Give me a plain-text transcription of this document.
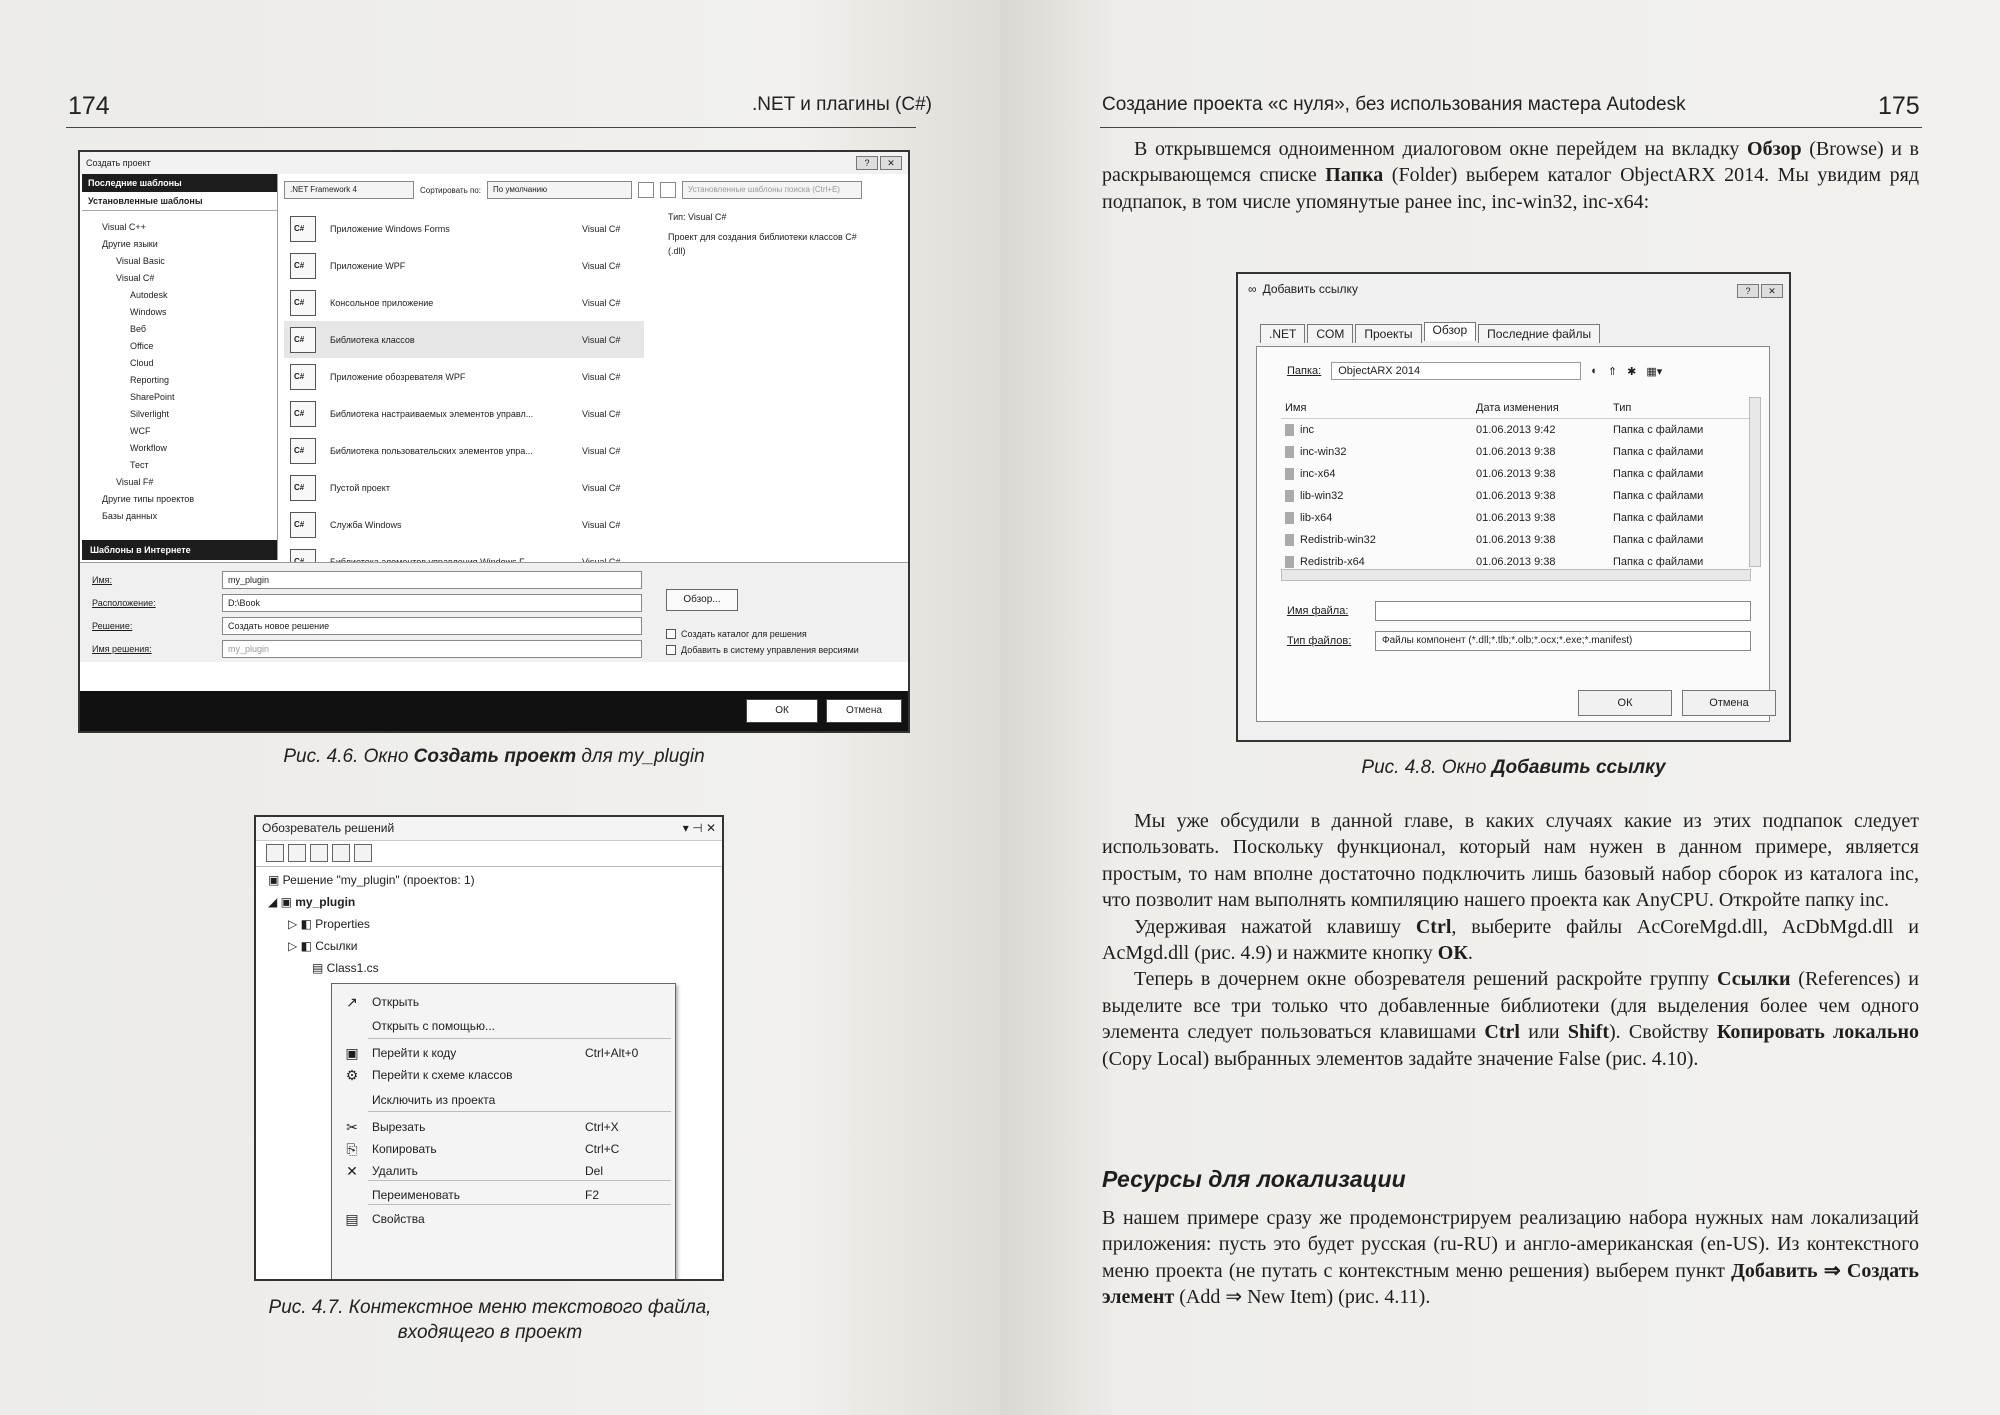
174	.NET и плагины (C#)
Создать проект	?	✕
Последние шаблоны
Установленные шаблоны
Visual C++
Другие языки
Visual Basic
Visual C#
Autodesk
Windows
Веб
Office
Cloud
Reporting
SharePoint
Silverlight
WCF
Workflow
Тест
Visual F#
Другие типы проектов
Базы данных
Шаблоны в Интернете
.NET Framework 4	Сортировать по:	По умолчанию	Установленные шаблоны поиска (Ctrl+E)
C#
Приложение Windows Forms	Visual C#
C#
Приложение WPF	Visual C#
C#
Консольное приложение	Visual C#
C#
Библиотека классов	Visual C#
C#
Приложение обозревателя WPF	Visual C#
C#
Библиотека настраиваемых элементов управл...	Visual C#
C#
Библиотека пользовательских элементов упра...	Visual C#
C#
Пустой проект	Visual C#
C#
Служба Windows	Visual C#
C#
Тип: Visual C#
Проект для создания библиотеки классов C# (.dll)
Имя:	my_plugin
Расположение:	D:\Book
Решение:	Создать новое решение
Имя решения:	my_plugin
Обзор...
Создать каталог для решения
Добавить в систему управления версиями
ОК	Отмена
Рис. 4.6. Окно Создать проект для my_plugin
Обозреватель решений	▾ ⊣ ✕
▣ Решение "my_plugin" (проектов: 1)
◢ ▣ my_plugin
▷ ◧ Properties
▷ ◧ Ссылки
▤ Class1.cs
↗	Открыть
Открыть с помощью...
▣	Перейти к коду	Ctrl+Alt+0
⚙	Перейти к схеме классов
Исключить из проекта
✂	Вырезать	Ctrl+X
⎘	Копировать	Ctrl+C
✕	Удалить	Del
Переименовать	F2
▤	Свойства
Рис. 4.7. Контекстное меню текстового файла,
входящего в проект
Создание проекта «с нуля», без использования мастера Autodesk	175

В открывшемся одноименном диалоговом окне перейдем на вкладку Обзор (Browse) и в раскрывающемся списке Папка (Folder) выберем каталог ObjectARX 2014. Мы увидим ряд подпапок, в том числе упомянутые ранее inc, inc-win32, inc-x64:

∞ Добавить ссылку	?	✕
.NET	COM	Проекты	Обзор	Последние файлы
Папка:	ObjectARX 2014	◐ ⇑ ✱ ▦▾
Имя	Дата изменения	Тип
inc	01.06.2013 9:42	Папка с файлами
inc-win32	01.06.2013 9:38	Папка с файлами
inc-x64	01.06.2013 9:38	Папка с файлами
lib-win32	01.06.2013 9:38	Папка с файлами
lib-x64	01.06.2013 9:38	Папка с файлами
Redistrib-win32	01.06.2013 9:38	Папка с файлами
Redistrib-x64	01.06.2013 9:38	Папка с файлами
Имя файла:
Тип файлов:	Файлы компонент (*.dll;*.tlb;*.olb;*.ocx;*.exe;*.manifest)
ОК	Отмена
Рис. 4.8. Окно Добавить ссылку

Мы уже обсудили в данной главе, в каких случаях какие из этих подпапок следует использовать. Поскольку функционал, который нам нужен в данном примере, является простым, то нам вполне достаточно подключить лишь базовый набор сборок из каталога inc, что позволит нам выполнять компиляцию нашего проекта как AnyCPU. Откройте папку inc.

Удерживая нажатой клавишу Ctrl, выберите файлы AcCoreMgd.dll, AcDbMgd.dll и AcMgd.dll (рис. 4.9) и нажмите кнопку ОК.

Теперь в дочернем окне обозревателя решений раскройте группу Ссылки (References) и выделите все три только что добавленные библиотеки (для выделения более чем одного элемента следует пользоваться клавишами Ctrl или Shift). Свойству Копировать локально (Copy Local) выбранных элементов задайте значение False (рис. 4.10).

Ресурсы для локализации

В нашем примере сразу же продемонстрируем реализацию набора нужных нам локализаций приложения: пусть это будет русская (ru-RU) и англо-американская (en-US). Из контекстного меню проекта (не путать с контекстным меню решения) выберем пункт Добавить ⇒ Создать элемент (Add ⇒ New Item) (рис. 4.11).
